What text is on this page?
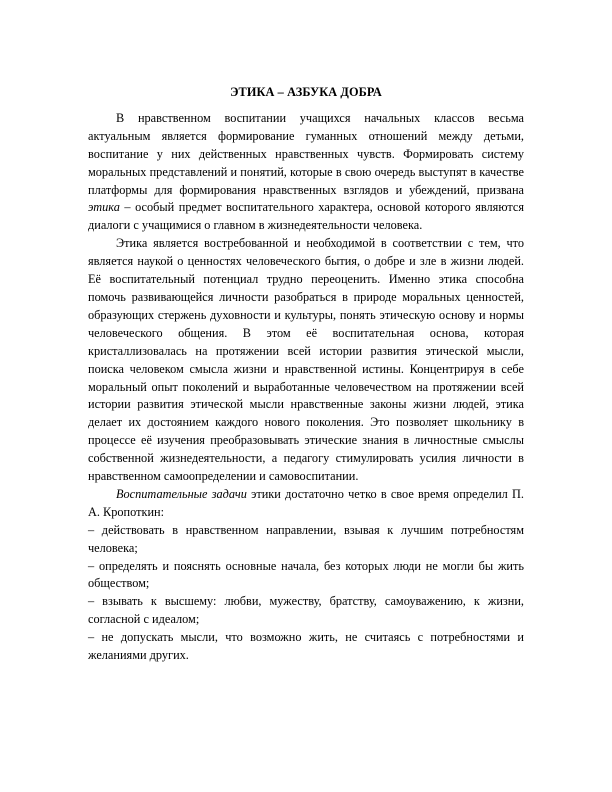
ЭТИКА – АЗБУКА ДОБРА

В нравственном воспитании учащихся начальных классов весьма актуальным является формирование гуманных отношений между детьми, воспитание у них действенных нравственных чувств. Формировать систему моральных представлений и понятий, которые в свою очередь выступят в качестве платформы для формирования нравственных взглядов и убеждений, призвана этика – особый предмет воспитательного характера, основой которого являются диалоги с учащимися о главном в жизнедеятельности человека.

Этика является востребованной и необходимой в соответствии с тем, что является наукой о ценностях человеческого бытия, о добре и зле в жизни людей. Её воспитательный потенциал трудно переоценить. Именно этика способна помочь развивающейся личности разобраться в природе моральных ценностей, образующих стержень духовности и культуры, понять этическую основу и нормы человеческого общения. В этом её воспитательная основа, которая кристаллизовалась на протяжении всей истории развития этической мысли, поиска человеком смысла жизни и нравственной истины. Концентрируя в себе моральный опыт поколений и выработанные человечеством на протяжении всей истории развития этической мысли нравственные законы жизни людей, этика делает их достоянием каждого нового поколения. Это позволяет школьнику в процессе её изучения преобразовывать этические знания в личностные смыслы собственной жизнедеятельности, а педагогу стимулировать усилия личности в нравственном самоопределении и самовоспитании.

Воспитательные задачи этики достаточно четко в свое время определил П. А. Кропоткин:

– действовать в нравственном направлении, взывая к лучшим потребностям человека;

– определять и пояснять основные начала, без которых люди не могли бы жить обществом;

– взывать к высшему: любви, мужеству, братству, самоуважению, к жизни, согласной с идеалом;

– не допускать мысли, что возможно жить, не считаясь с потребностями и желаниями других.
